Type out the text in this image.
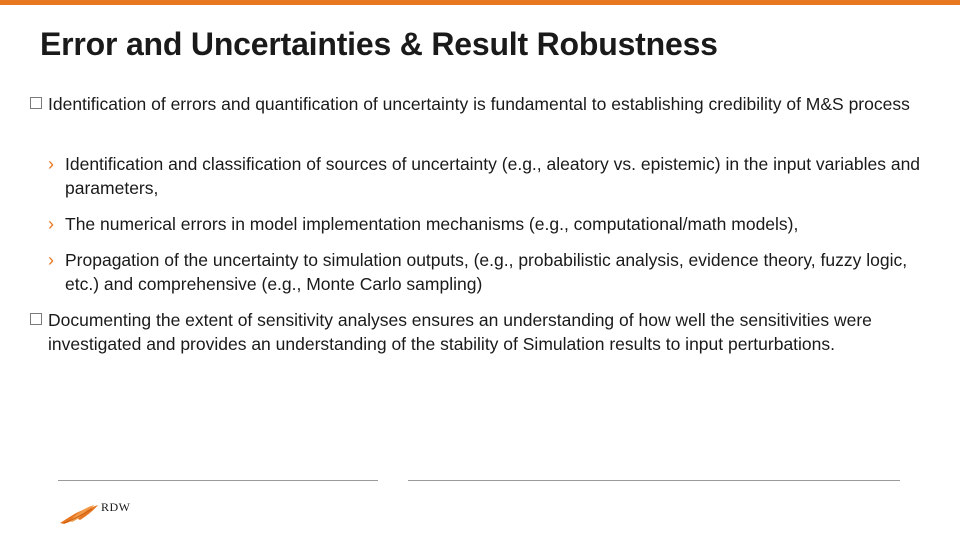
Error and Uncertainties & Result Robustness
Identification of errors and quantification of uncertainty is fundamental to establishing credibility of M&S process
› Identification and classification of sources of uncertainty (e.g., aleatory vs. epistemic) in the input variables and parameters,
› The numerical errors in model implementation mechanisms (e.g., computational/math models),
› Propagation of the uncertainty to simulation outputs, (e.g., probabilistic analysis, evidence theory, fuzzy logic, etc.) and comprehensive (e.g., Monte Carlo sampling)
Documenting the extent of sensitivity analyses ensures an understanding of how well the sensitivities were investigated and provides an understanding of the stability of Simulation results to input perturbations.
RDW
